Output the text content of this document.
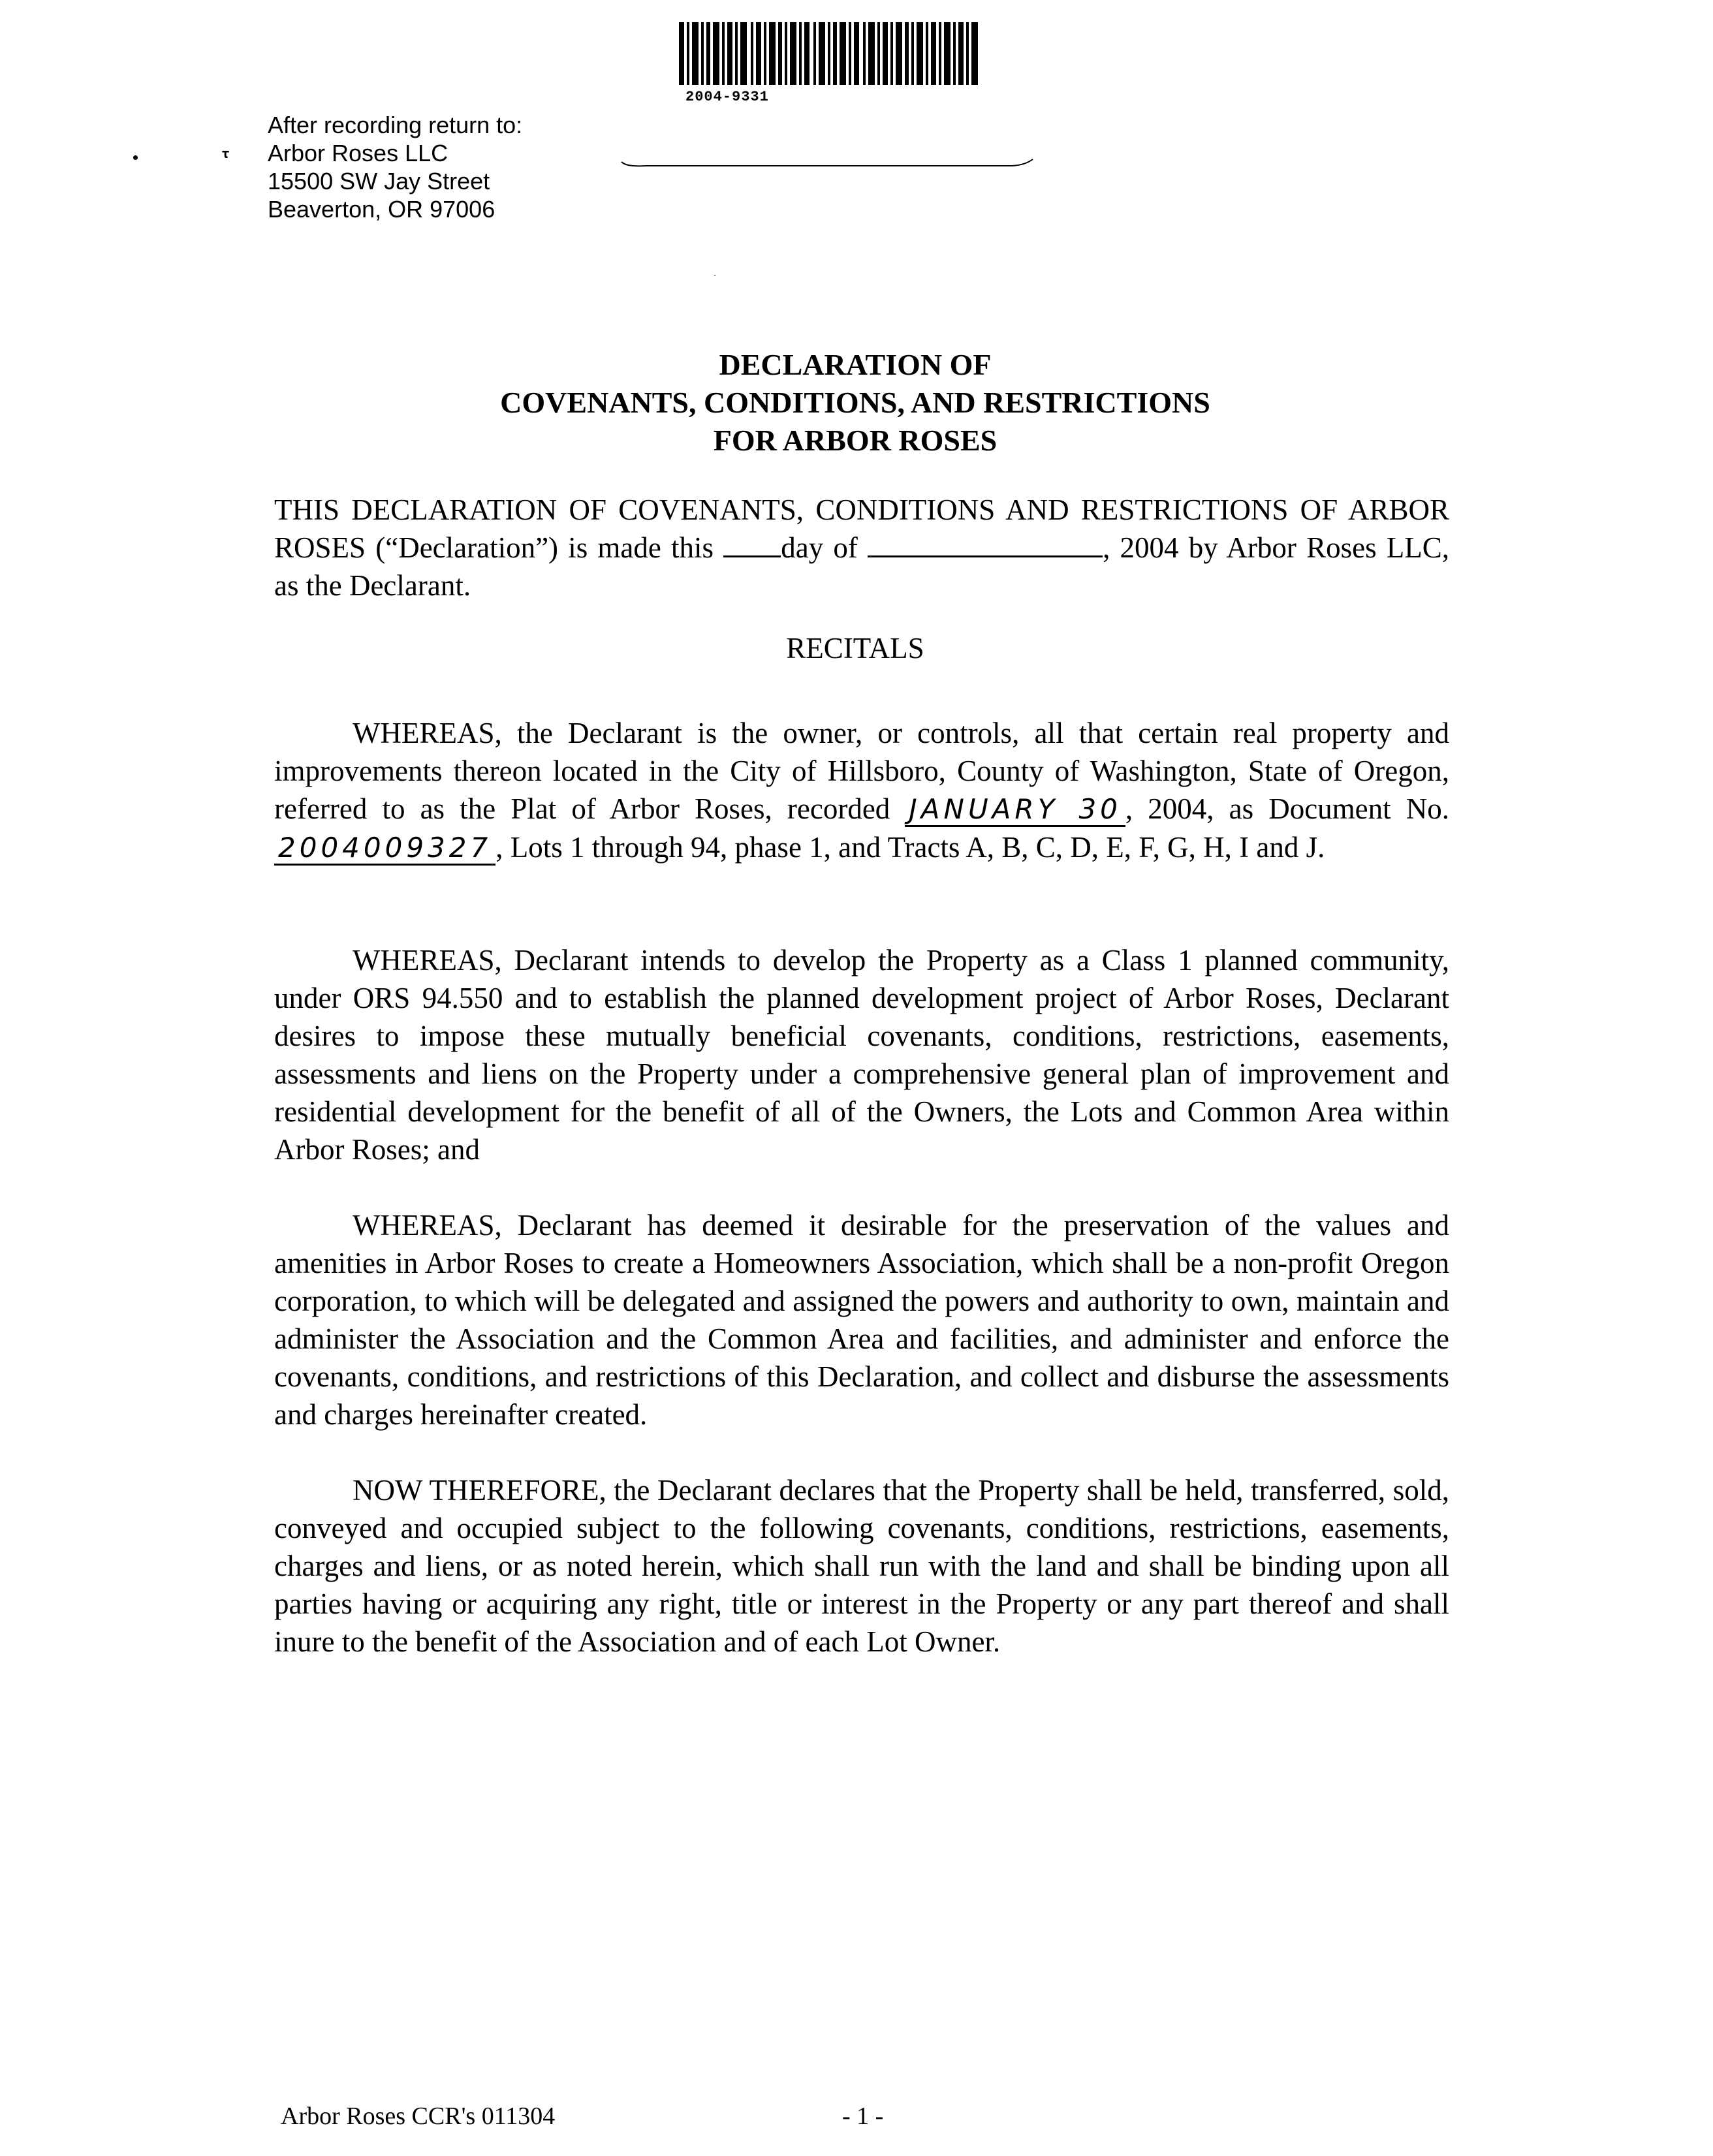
2004-9331
𝛕
·
After recording return to:
Arbor Roses LLC
15500 SW Jay Street
Beaverton, OR 97006
DECLARATION OF
COVENANTS, CONDITIONS, AND RESTRICTIONS
FOR ARBOR ROSES
THIS DECLARATION OF COVENANTS, CONDITIONS AND RESTRICTIONS OF ARBOR ROSES (“Declaration”) is made this day of	, 2004 by Arbor Roses LLC, as the Declarant.
RECITALS
WHEREAS, the Declarant is the owner, or controls, all that certain real property and improvements thereon located in the City of Hillsboro, County of Washington, State of Oregon, referred to as the Plat of Arbor Roses, recorded JANUARY 30 , 2004, as Document No. 2004009327 , Lots 1 through 94, phase 1, and Tracts A, B, C, D, E, F, G, H, I and J.
WHEREAS, Declarant intends to develop the Property as a Class 1 planned community, under ORS 94.550 and to establish the planned development project of Arbor Roses, Declarant desires to impose these mutually beneficial covenants, conditions, restrictions, easements, assessments and liens on the Property under a comprehensive general plan of improvement and residential development for the benefit of all of the Owners, the Lots and Common Area within Arbor Roses; and
WHEREAS, Declarant has deemed it desirable for the preservation of the values and amenities in Arbor Roses to create a Homeowners Association, which shall be a non-profit Oregon corporation, to which will be delegated and assigned the powers and authority to own, maintain and administer the Association and the Common Area and facilities, and administer and enforce the covenants, conditions, and restrictions of this Declaration, and collect and disburse the assessments and charges hereinafter created.
NOW THEREFORE, the Declarant declares that the Property shall be held, transferred, sold, conveyed and occupied subject to the following covenants, conditions, restrictions, easements, charges and liens, or as noted herein, which shall run with the land and shall be binding upon all parties having or acquiring any right, title or interest in the Property or any part thereof and shall inure to the benefit of the Association and of each Lot Owner.
Arbor Roses CCR's 011304	- 1 -
